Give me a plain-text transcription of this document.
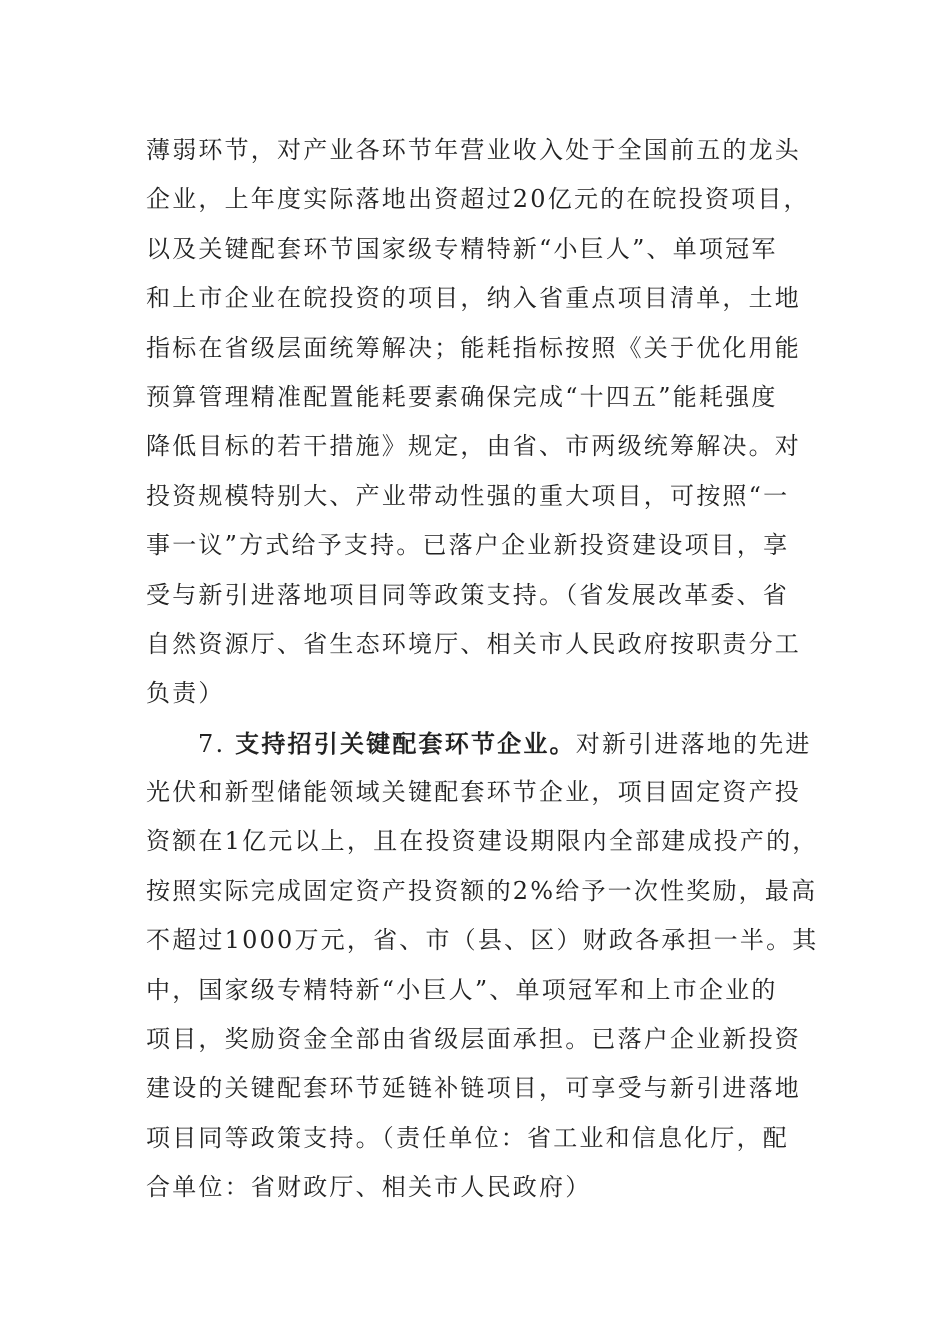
薄弱环节，对产业各环节年营业收入处于全国前五的龙头
企业，上年度实际落地出资超过20亿元的在皖投资项目，
以及关键配套环节国家级专精特新“小巨人”、单项冠军
和上市企业在皖投资的项目，纳入省重点项目清单，土地
指标在省级层面统筹解决；能耗指标按照《关于优化用能
预算管理精准配置能耗要素确保完成“十四五”能耗强度
降低目标的若干措施》规定，由省、市两级统筹解决。对
投资规模特别大、产业带动性强的重大项目，可按照“一
事一议”方式给予支持。已落户企业新投资建设项目，享
受与新引进落地项目同等政策支持。（省发展改革委、省
自然资源厅、省生态环境厅、相关市人民政府按职责分工
负责）
7. 支持招引关键配套环节企业。对新引进落地的先进
光伏和新型储能领域关键配套环节企业，项目固定资产投
资额在1亿元以上，且在投资建设期限内全部建成投产的，
按照实际完成固定资产投资额的2%给予一次性奖励，最高
不超过1000万元，省、市（县、区）财政各承担一半。其
中，国家级专精特新“小巨人”、单项冠军和上市企业的
项目，奖励资金全部由省级层面承担。已落户企业新投资
建设的关键配套环节延链补链项目，可享受与新引进落地
项目同等政策支持。（责任单位：省工业和信息化厅，配
合单位：省财政厅、相关市人民政府）
